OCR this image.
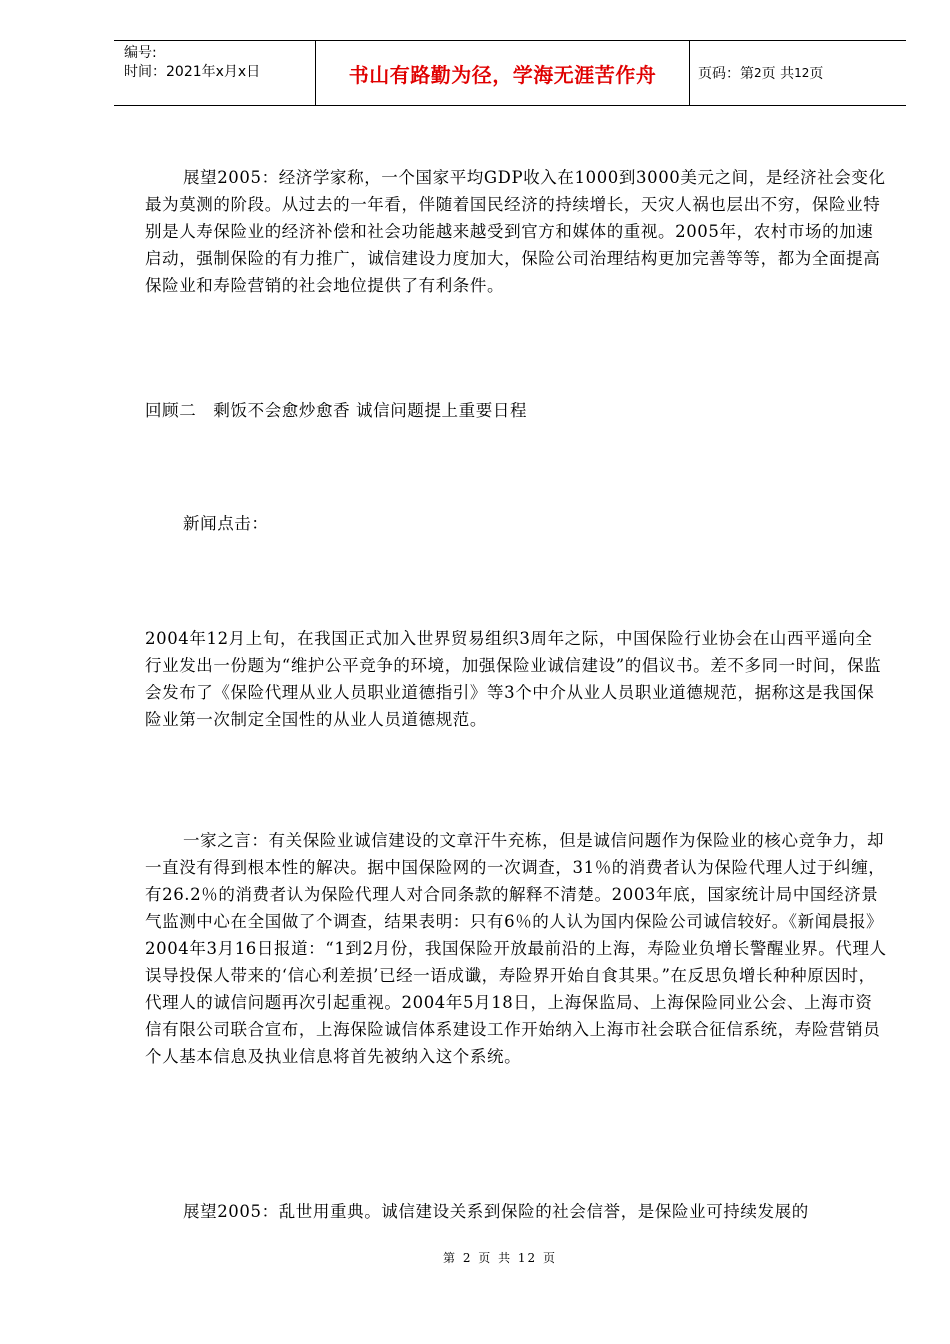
编号:
时间：2021年x月x日	书山有路勤为径，学海无涯苦作舟	页码：第 2 页 共 12 页

展望2005：经济学家称，一个国家平均GDP收入在1000到3000美元之间，是经济社会变化最为莫测的阶段。从过去的一年看，伴随着国民经济的持续增长，天灾人祸也层出不穷，保险业特别是人寿保险业的经济补偿和社会功能越来越受到官方和媒体的重视。2005年，农村市场的加速启动，强制保险的有力推广，诚信建设力度加大，保险公司治理结构更加完善等等，都为全面提高保险业和寿险营销的社会地位提供了有利条件。

回顾二　剩饭不会愈炒愈香 诚信问题提上重要日程

新闻点击：

2004年12月上旬，在我国正式加入世界贸易组织3周年之际，中国保险行业协会在山西平遥向全行业发出一份题为“维护公平竞争的环境，加强保险业诚信建设”的倡议书。差不多同一时间，保监会发布了《保险代理从业人员职业道德指引》等3个中介从业人员职业道德规范，据称这是我国保险业第一次制定全国性的从业人员道德规范。

一家之言：有关保险业诚信建设的文章汗牛充栋，但是诚信问题作为保险业的核心竞争力，却一直没有得到根本性的解决。据中国保险网的一次调查，31％的消费者认为保险代理人过于纠缠，有26.2％的消费者认为保险代理人对合同条款的解释不清楚。2003年底，国家统计局中国经济景气监测中心在全国做了个调查，结果表明：只有6％的人认为国内保险公司诚信较好。《新闻晨报》2004年3月16日报道：“1到2月份，我国保险开放最前沿的上海，寿险业负增长警醒业界。代理人误导投保人带来的‘信心利差损’已经一语成谶，寿险界开始自食其果。”在反思负增长种种原因时，代理人的诚信问题再次引起重视。2004年5月18日，上海保监局、上海保险同业公会、上海市资信有限公司联合宣布，上海保险诚信体系建设工作开始纳入上海市社会联合征信系统，寿险营销员个人基本信息及执业信息将首先被纳入这个系统。

展望2005：乱世用重典。诚信建设关系到保险的社会信誉，是保险业可持续发展的

第 2 页 共 12 页
